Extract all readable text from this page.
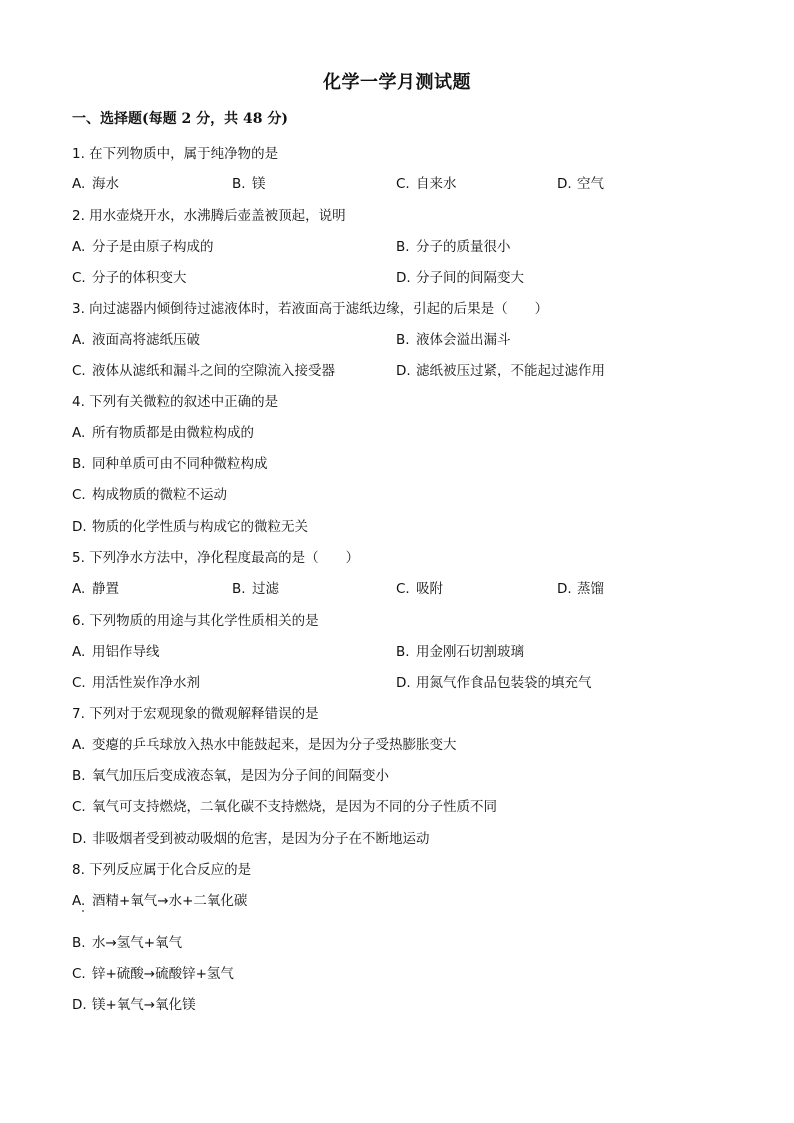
化学一学月测试题
一、选择题(每题 2 分，共 48 分)
1. 在下列物质中，属于纯净物的是
A. 海水	B. 镁	C. 自来水	D. 空气
2. 用水壶烧开水，水沸腾后壶盖被顶起，说明
A. 分子是由原子构成的	B. 分子的质量很小
C. 分子的体积变大	D. 分子间的间隔变大
3. 向过滤器内倾倒待过滤液体时，若液面高于滤纸边缘，引起的后果是（　　）
A. 液面高将滤纸压破	B. 液体会溢出漏斗
C. 液体从滤纸和漏斗之间的空隙流入接受器	D. 滤纸被压过紧，不能起过滤作用
4. 下列有关微粒的叙述中正确的是
A. 所有物质都是由微粒构成的
B. 同种单质可由不同种微粒构成
C. 构成物质的微粒不运动
D. 物质的化学性质与构成它的微粒无关
5. 下列净水方法中，净化程度最高的是（　　）
A. 静置	B. 过滤	C. 吸附	D. 蒸馏
6. 下列物质的用途与其化学性质相关的是
A. 用铝作导线	B. 用金刚石切割玻璃
C. 用活性炭作净水剂	D. 用氮气作食品包装袋的填充气
7. 下列对于宏观现象的微观解释错误的是
A. 变瘪的乒乓球放入热水中能鼓起来，是因为分子受热膨胀变大
B. 氧气加压后变成液态氧，是因为分子间的间隔变小
C. 氧气可支持燃烧，二氧化碳不支持燃烧，是因为不同的分子性质不同
D. 非吸烟者受到被动吸烟的危害，是因为分子在不断地运动
8. 下列反应属于化合反应的是
A. 酒精+氧气→水+二氧化碳
B. 水→氢气+氧气
C. 锌+硫酸→硫酸锌+氢气
D. 镁+氧气→氧化镁
